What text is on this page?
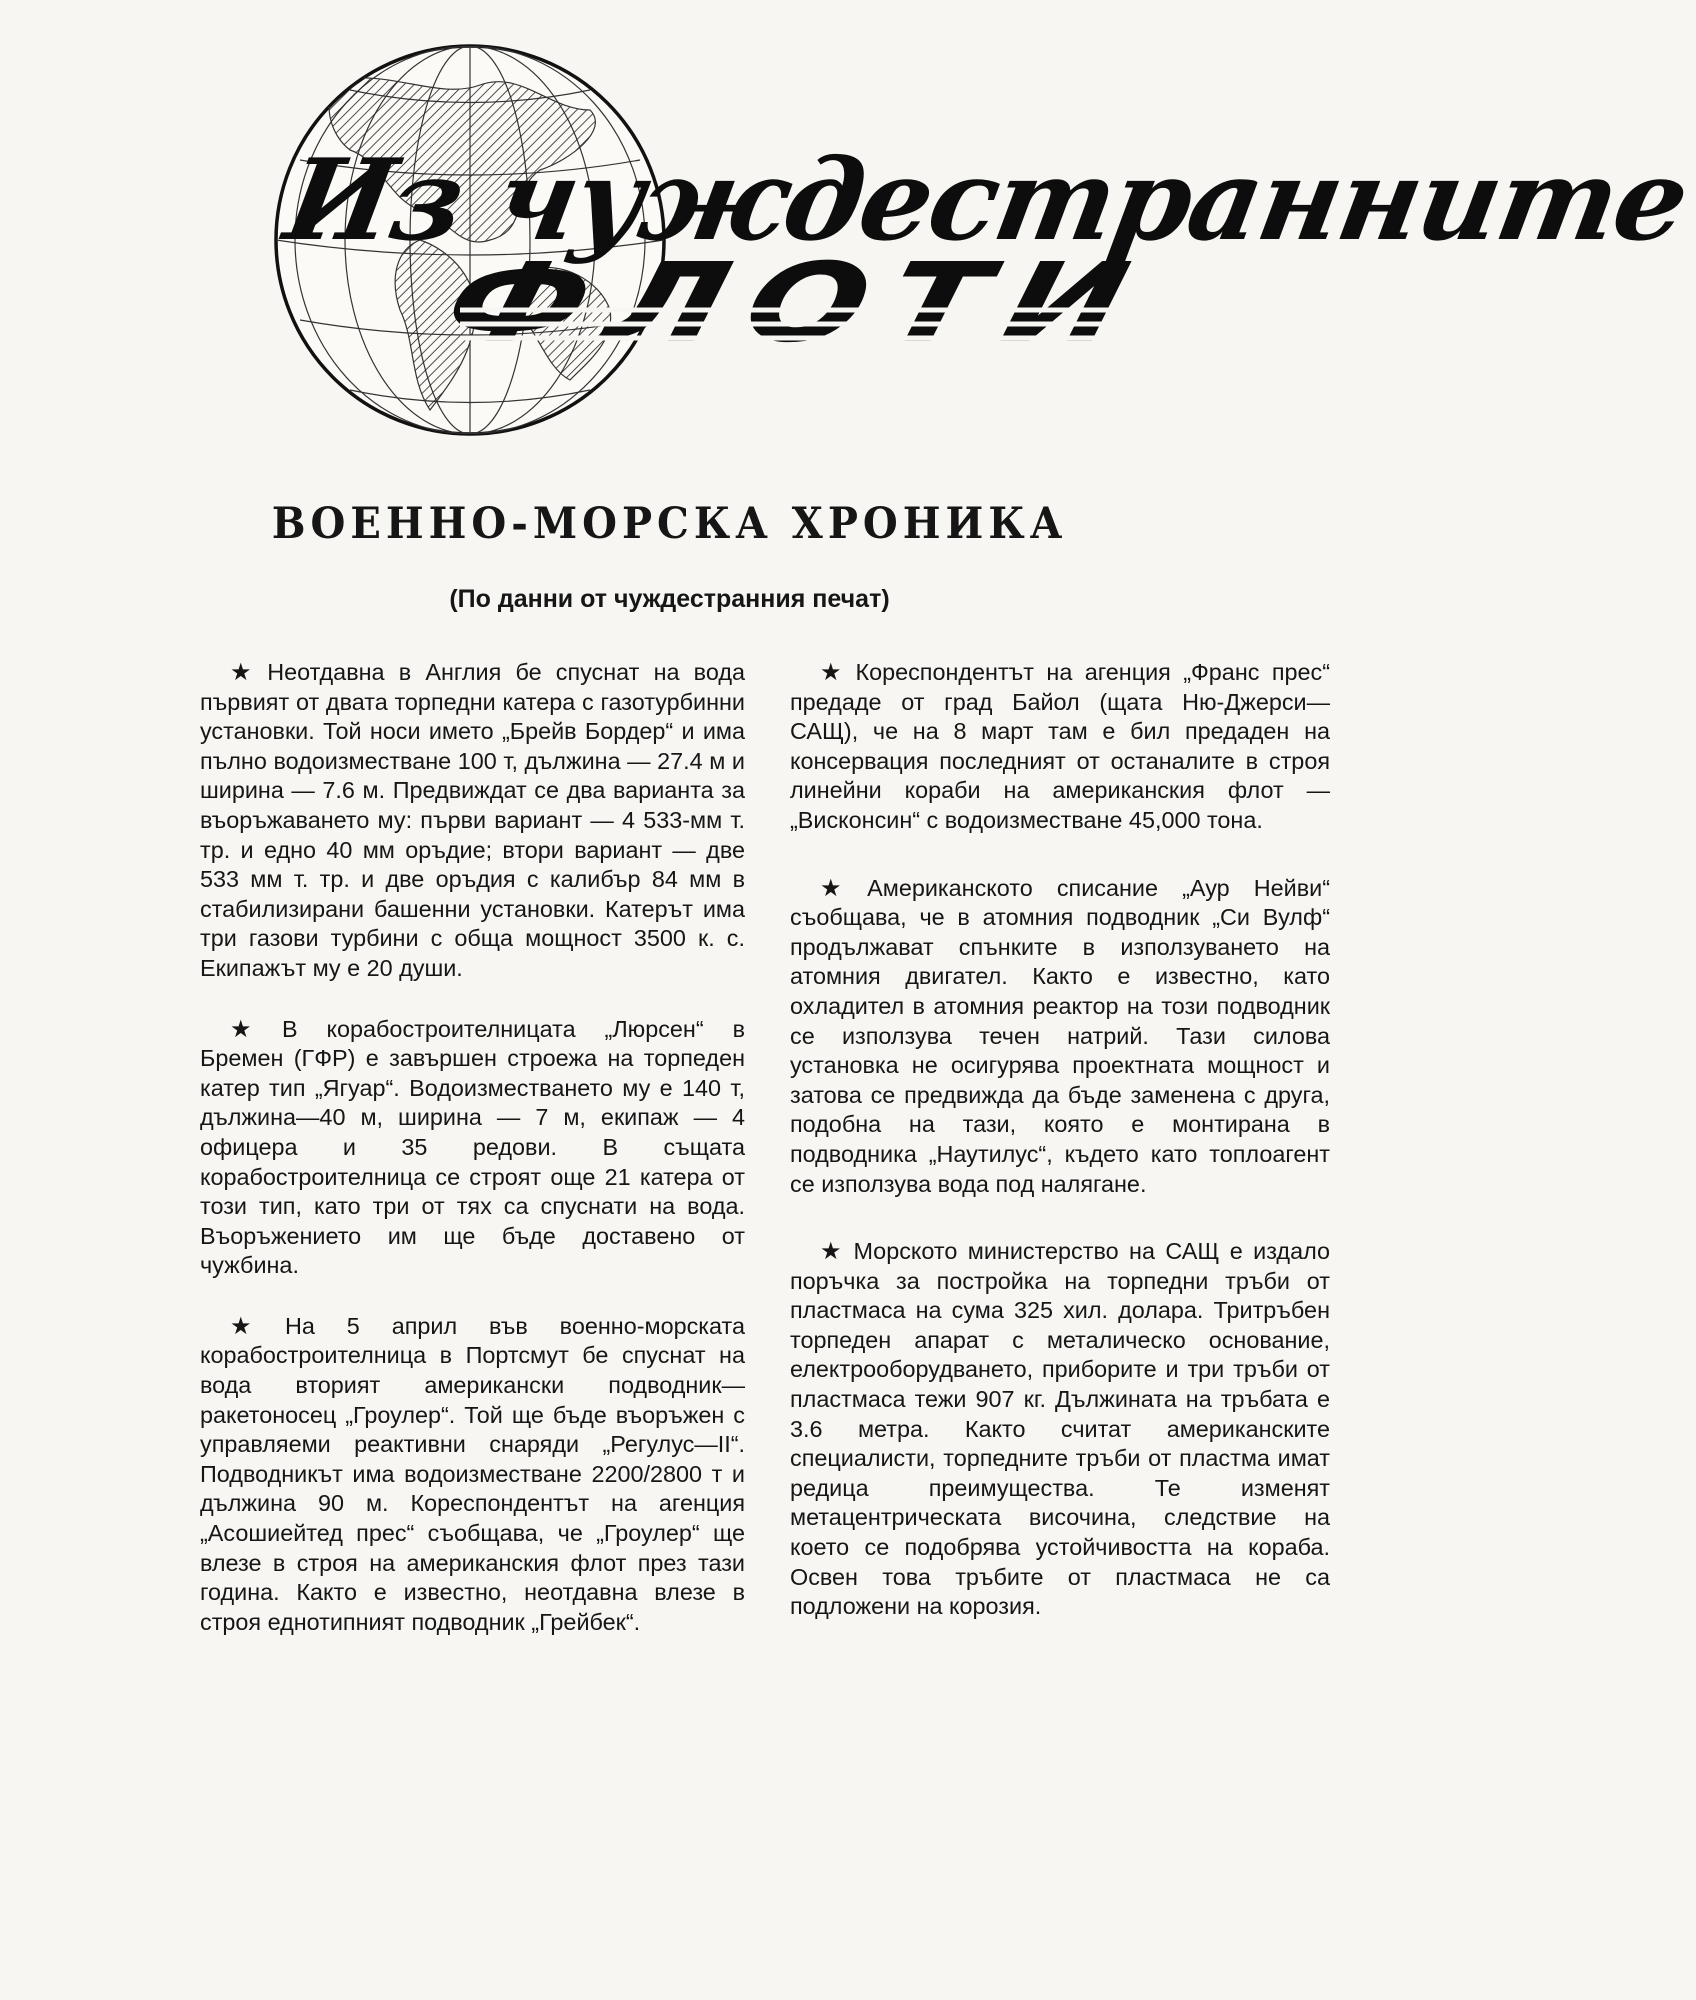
Из чуждестранните
ФЛОТИ
ВОЕННО-МОРСКА ХРОНИКА
(По данни от чуждестранния печат)

★ Неотдавна в Англия бе спуснат на вода първият от двата торпедни катера с газотурбинни установки. Той носи името „Брейв Бордер“ и има пълно водоизместване 100 т, дължина — 27.4 м и ширина — 7.6 м. Предвиждат се два варианта за въоръжаването му: първи вариант — 4 533-мм т. тр. и едно 40 мм оръдие; втори вариант — две 533 мм т. тр. и две оръдия с калибър 84 мм в стабилизирани башенни установки. Катерът има три газови турбини с обща мощност 3500 к. с. Екипажът му е 20 души.

★ В корабостроителницата „Люрсен“ в Бремен (ГФР) е завършен строежа на торпеден катер тип „Ягуар“. Водоизместването му е 140 т, дължина—40 м, ширина — 7 м, екипаж — 4 офицера и 35 редови. В същата корабостроителница се строят още 21 катера от този тип, като три от тях са спуснати на вода. Въоръжението им ще бъде доставено от чужбина.

★ На 5 април във военно-морската корабостроителница в Портсмут бе спуснат на вода вторият американски подводник—ракетоносец „Гроулер“. Той ще бъде въоръжен с управляеми реактивни снаряди „Регулус—II“. Подводникът има водоизместване 2200/2800 т и дължина 90 м. Кореспондентът на агенция „Асошиейтед прес“ съобщава, че „Гроулер“ ще влезе в строя на американския флот през тази година. Както е известно, неотдавна влезе в строя еднотипният подводник „Грейбек“.

★ Кореспондентът на агенция „Франс прес“ предаде от град Байол (щата Ню-Джерси—САЩ), че на 8 март там е бил предаден на консервация последният от останалите в строя линейни кораби на американския флот — „Висконсин“ с водоизместване 45,000 тона.

★ Американското списание „Аур Нейви“ съобщава, че в атомния подводник „Си Вулф“ продължават спънките в използуването на атомния двигател. Както е известно, като охладител в атомния реактор на този подводник се използува течен натрий. Тази силова установка не осигурява проектната мощност и затова се предвижда да бъде заменена с друга, подобна на тази, която е монтирана в подводника „Наутилус“, където като топлоагент се използува вода под налягане.

★ Морското министерство на САЩ е издало поръчка за постройка на торпедни тръби от пластмаса на сума 325 хил. долара. Тритръбен торпеден апарат с металическо основание, електрооборудването, приборите и три тръби от пластмаса тежи 907 кг. Дължината на тръбата е 3.6 метра. Както считат американските специалисти, торпедните тръби от пластма имат редица преимущества. Те изменят метацентрическата височина, следствие на което се подобрява устойчивостта на кораба. Освен това тръбите от пластмаса не са подложени на корозия.
